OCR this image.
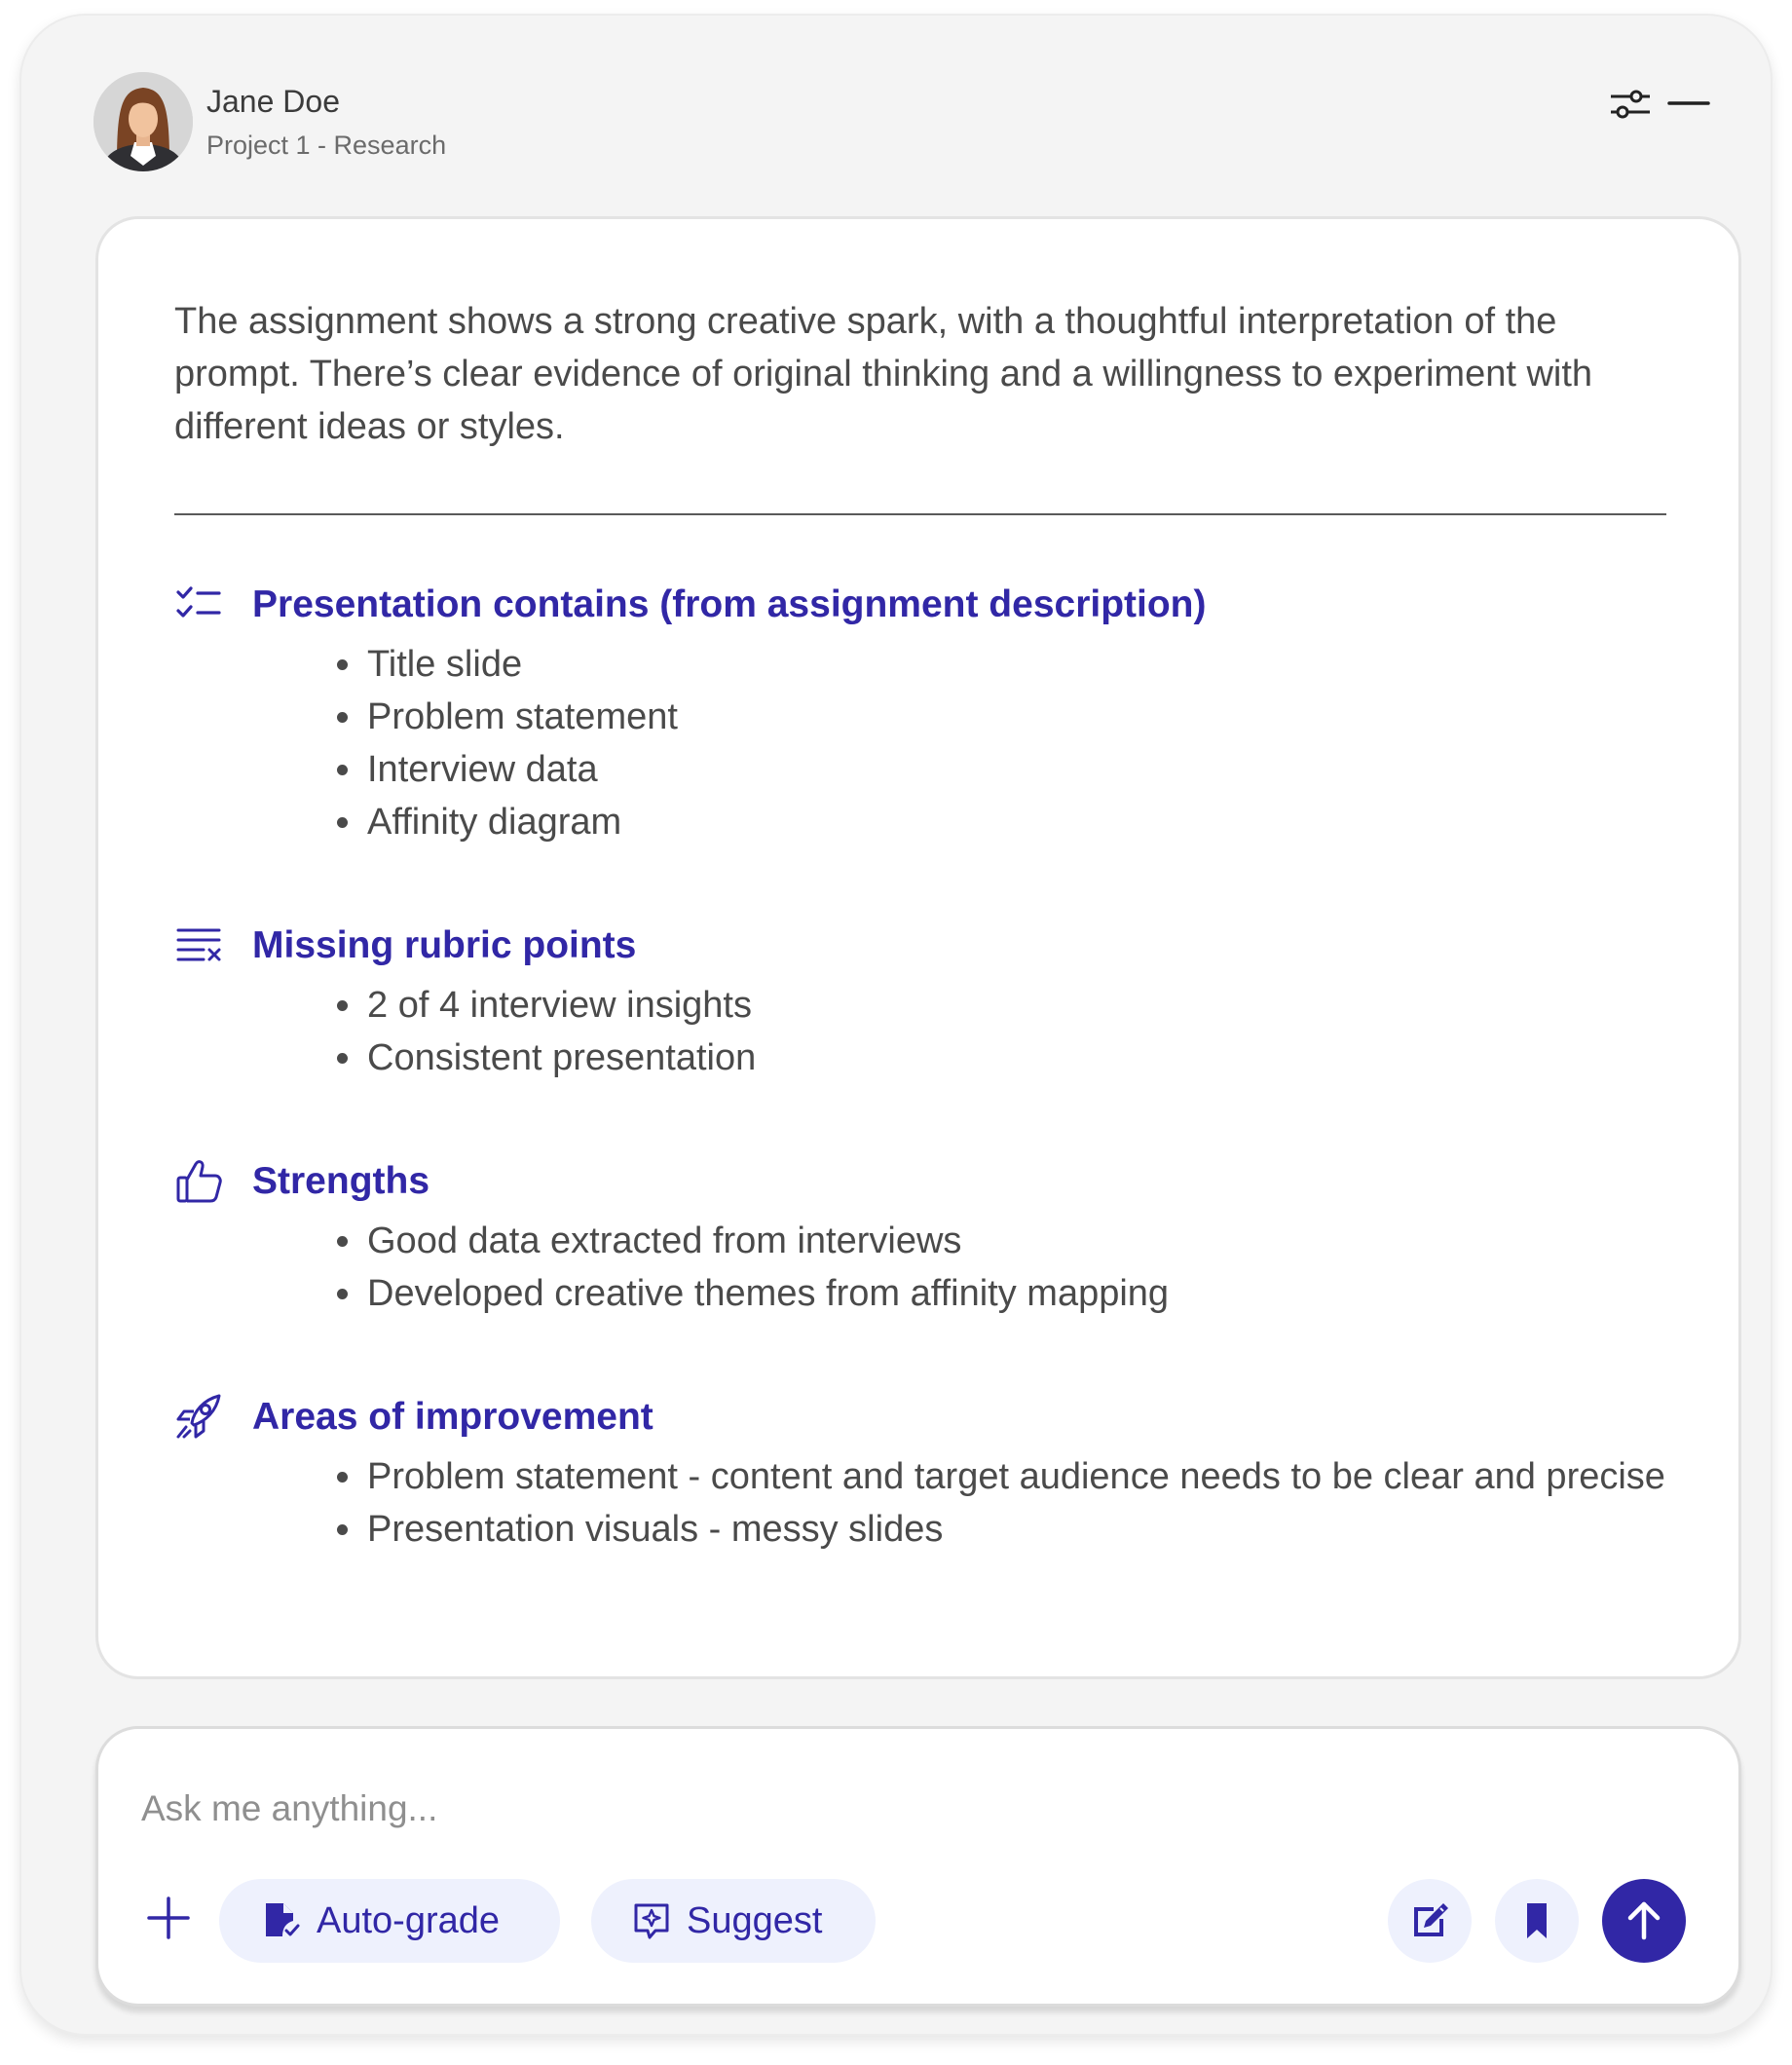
Jane Doe
Project 1 - Research

The assignment shows a strong creative spark, with a thoughtful interpretation of the prompt. There’s clear evidence of original thinking and a willingness to experiment with different ideas or styles.

Presentation contains (from assignment description)
• Title slide
• Problem statement
• Interview data
• Affinity diagram
Missing rubric points
• 2 of 4 interview insights
• Consistent presentation
Strengths
• Good data extracted from interviews
• Developed creative themes from affinity mapping
Areas of improvement
• Problem statement - content and target audience needs to be clear and precise
• Presentation visuals - messy slides
Ask me anything...
Auto-grade	Suggest
